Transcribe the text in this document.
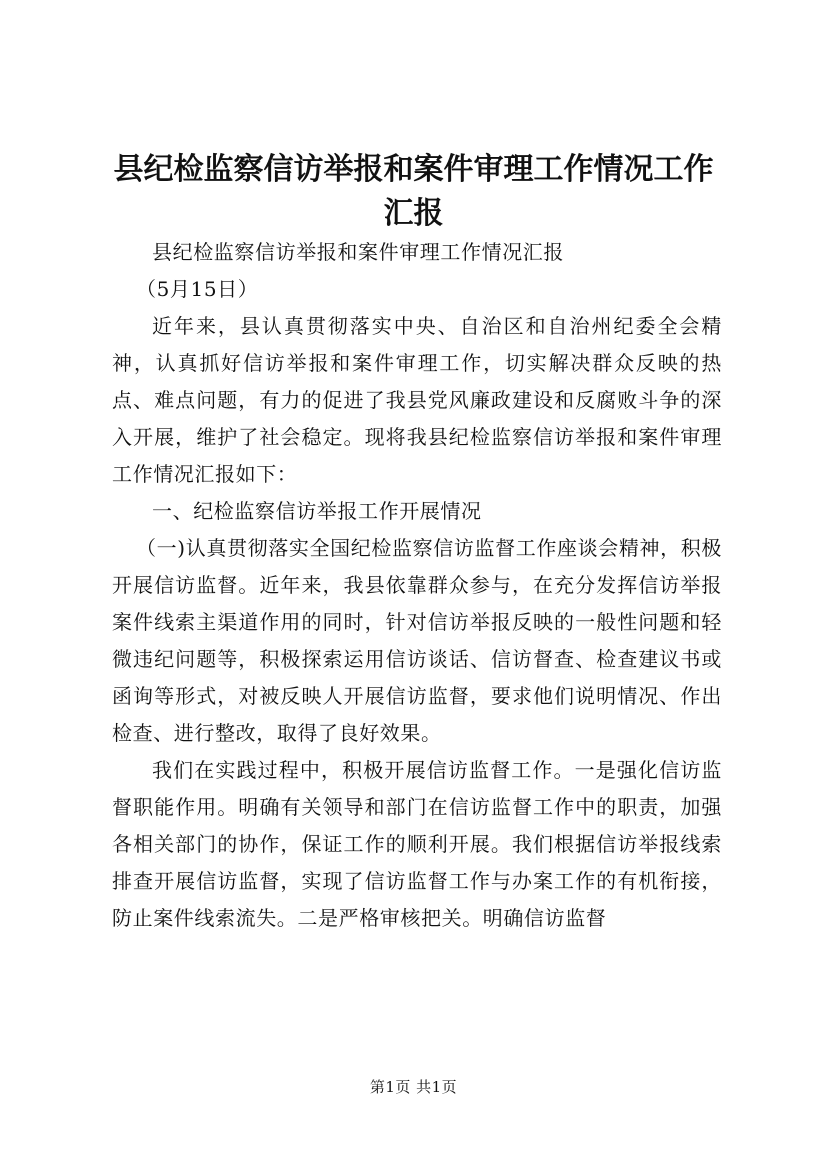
县纪检监察信访举报和案件审理工作情况工作
汇报

县纪检监察信访举报和案件审理工作情况汇报

（5月15日）

近年来，县认真贯彻落实中央、自治区和自治州纪委全会精神，认真抓好信访举报和案件审理工作，切实解决群众反映的热点、难点问题，有力的促进了我县党风廉政建设和反腐败斗争的深入开展，维护了社会稳定。现将我县纪检监察信访举报和案件审理工作情况汇报如下：

一、纪检监察信访举报工作开展情况

（一)认真贯彻落实全国纪检监察信访监督工作座谈会精神，积极开展信访监督。近年来，我县依靠群众参与，在充分发挥信访举报案件线索主渠道作用的同时，针对信访举报反映的一般性问题和轻微违纪问题等，积极探索运用信访谈话、信访督查、检查建议书或函询等形式，对被反映人开展信访监督，要求他们说明情况、作出检查、进行整改，取得了良好效果。

我们在实践过程中，积极开展信访监督工作。一是强化信访监督职能作用。明确有关领导和部门在信访监督工作中的职责，加强各相关部门的协作，保证工作的顺利开展。我们根据信访举报线索排查开展信访监督，实现了信访监督工作与办案工作的有机衔接，防止案件线索流失。二是严格审核把关。明确信访监督

第1页 共1页
